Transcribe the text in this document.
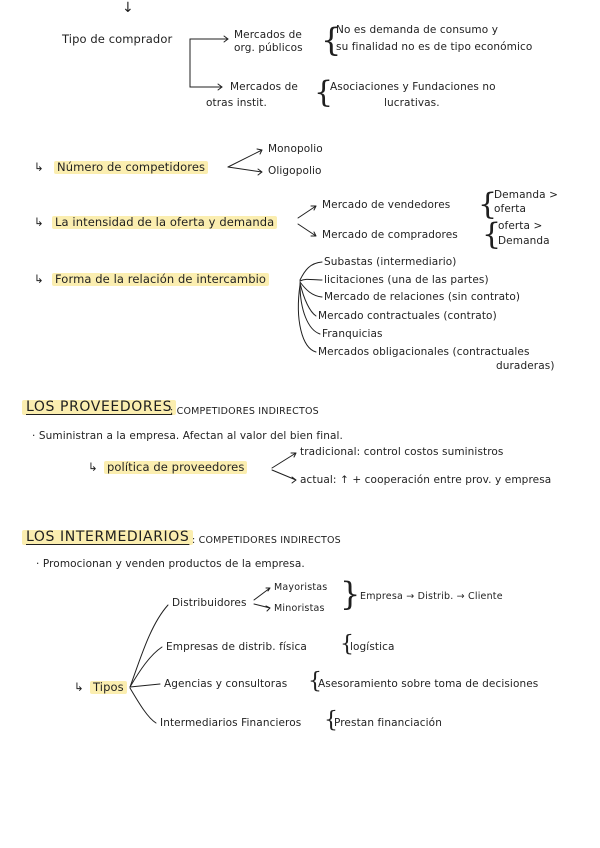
↓
Tipo de comprador	Mercados de
org. públicos {
No es demanda de consumo y
su finalidad no es de tipo económico
Mercados de
otras instit. {
Asociaciones y Fundaciones no
lucrativas.
↳ Número de competidores
Monopolio
Oligopolio
↳ La intensidad de la oferta y demanda
Mercado de vendedores {
Demanda >
oferta
Mercado de compradores {
oferta >
Demanda
↳ Forma de la relación de intercambio
Subastas (intermediario)
licitaciones (una de las partes)
Mercado de relaciones (sin contrato)
Mercado contractuales (contrato)
Franquicias
Mercados obligacionales (contractuales
duraderas)
LOS PROVEEDORES
: COMPETIDORES INDIRECTOS
· Suministran a la empresa. Afectan al valor del bien final.
↳ política de proveedores
tradicional: control costos suministros
actual: ↑ + cooperación entre prov. y empresa
LOS INTERMEDIARIOS : COMPETIDORES INDIRECTOS
· Promocionan y venden productos de la empresa.
↳ Tipos
Distribuidores
Mayoristas
Minoristas } Empresa → Distrib. → Cliente
Empresas de distrib. física {
logística
Agencias y consultoras {
Asesoramiento sobre toma de decisiones
Intermediarios Financieros {
Prestan financiación
